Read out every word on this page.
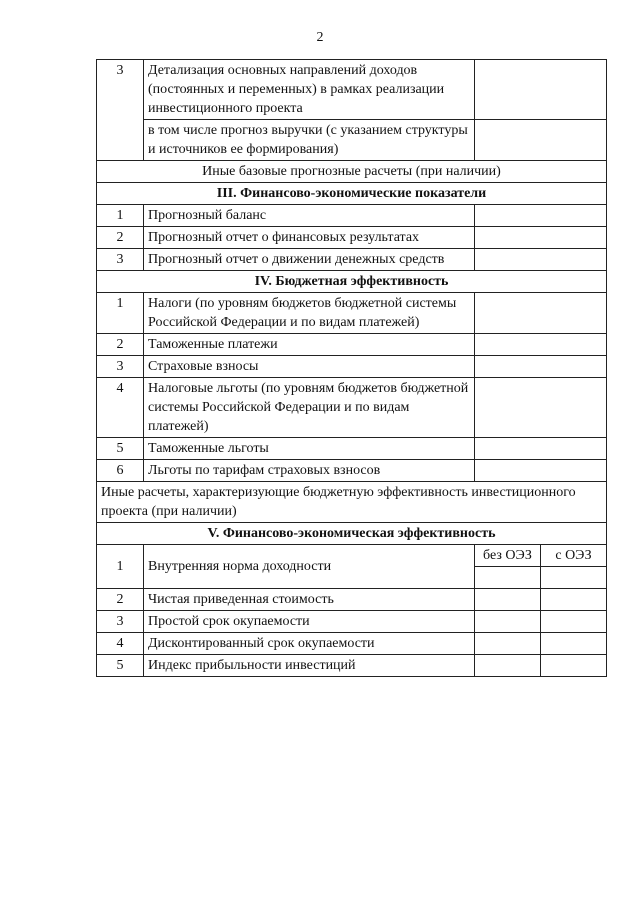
2
3	Детализация основных направлений доходов (постоянных и переменных) в рамках реализации инвестиционного проекта		
	в том числе прогноз выручки (с указанием структуры и источников ее формирования)		
Иные базовые прогнозные расчеты (при наличии)			
III. Финансово-экономические показатели			
1	Прогнозный баланс		
2	Прогнозный отчет о финансовых результатах		
3	Прогнозный отчет о движении денежных средств		
IV. Бюджетная эффективность			
1	Налоги (по уровням бюджетов бюджетной системы Российской Федерации и по видам платежей)		
2	Таможенные платежи		
3	Страховые взносы		
4	Налоговые льготы (по уровням бюджетов бюджетной системы Российской Федерации и по видам платежей)		
5	Таможенные льготы		
6	Льготы по тарифам страховых взносов		
Иные расчеты, характеризующие бюджетную эффективность инвестиционного проекта (при наличии)			
V. Финансово-экономическая эффективность			
1	Внутренняя норма доходности	без ОЭЗ	с ОЭЗ

2	Чистая приведенная стоимость		
3	Простой срок окупаемости		
4	Дисконтированный срок окупаемости		
5	Индекс прибыльности инвестиций		
